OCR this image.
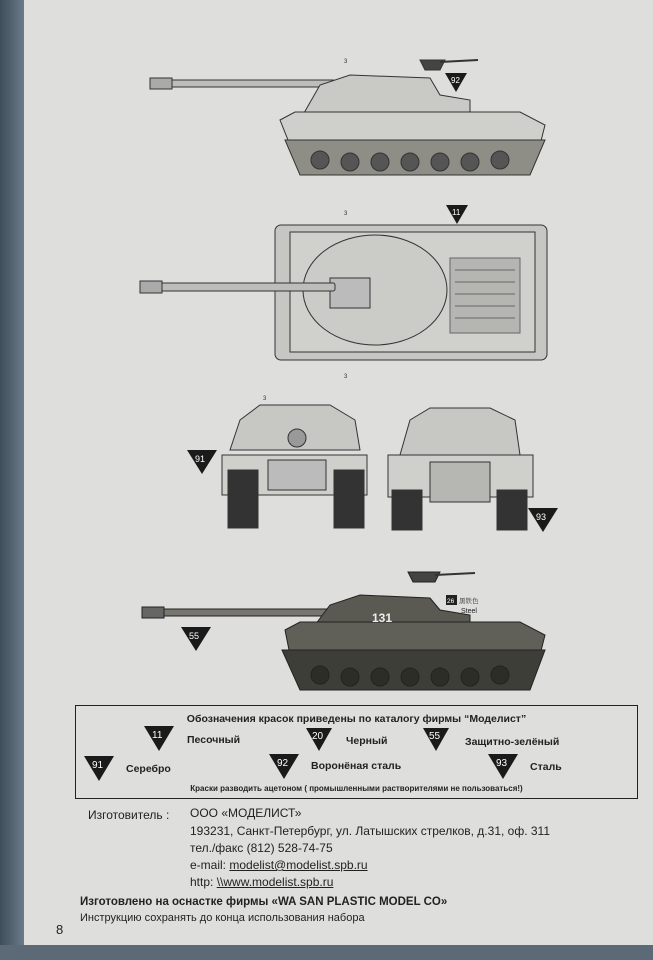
131
92
11
91
93
55
26 黑铁色
Steel
3
3
3
3
Обозначения красок приведены по каталогу фирмы “Моделист”
11 Песочный	20 Черный	55 Защитно-зелёный
91 Серебро	92 Ворoнёная сталь	93 Сталь
Краски разводить ацетоном ( промышленными растворителями не пользоваться!)
Изготовитель : ООО «МОДЕЛИСТ»
193231, Санкт-Петербург, ул. Латышских стрелков, д.31, оф. 311
тел./факс (812) 528-74-75
e-mail: modelist@modelist.spb.ru
http: \\www.modelist.spb.ru
Изготовлено на оснастке фирмы «WA SAN PLASTIC MODEL CO»
Инструкцию сохранять до конца использования набора
8
